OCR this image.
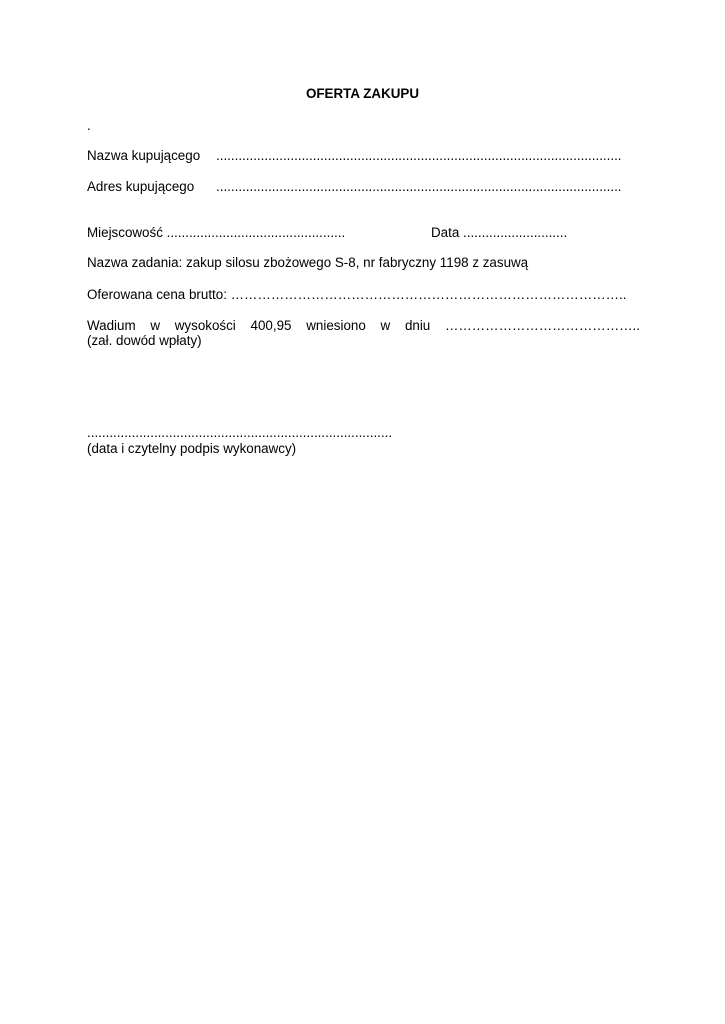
OFERTA ZAKUPU
.
Nazwa kupującego .............................................................................................................
Adres kupującego .............................................................................................................
Miejscowość ................................................	Data ............................
Nazwa zadania: zakup silosu zbożowego S-8, nr fabryczny 1198 z zasuwą
Oferowana cena brutto: ……………………………………………………………………………..
Wadium w wysokości 400,95 wniesiono w dniu ……………………………………..
(zał. dowód wpłaty)
..................................................................................
(data i czytelny podpis wykonawcy)
